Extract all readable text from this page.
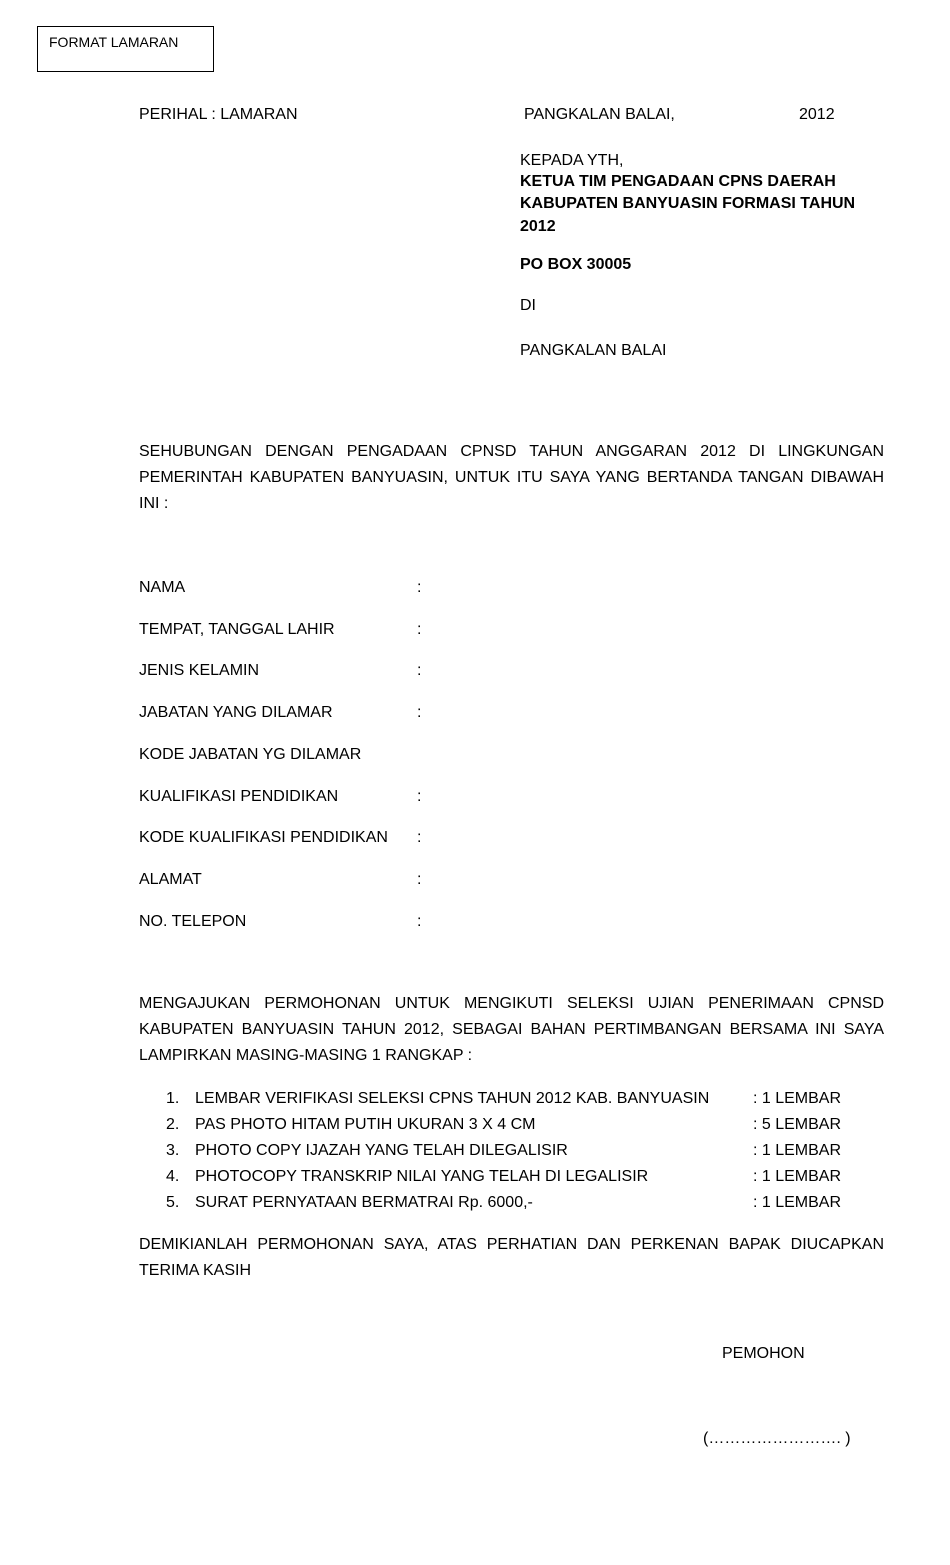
FORMAT LAMARAN
PERIHAL : LAMARAN	PANGKALAN BALAI,	2012
KEPADA YTH,
KETUA TIM PENGADAAN CPNS DAERAH
KABUPATEN BANYUASIN FORMASI TAHUN
2012
PO BOX 30005
DI
PANGKALAN BALAI
SEHUBUNGAN DENGAN PENGADAAN CPNSD TAHUN ANGGARAN 2012 DI LINGKUNGAN PEMERINTAH KABUPATEN BANYUASIN, UNTUK ITU SAYA YANG BERTANDA TANGAN DIBAWAH INI :
NAMA	:
TEMPAT, TANGGAL LAHIR	:
JENIS KELAMIN	:
JABATAN YANG DILAMAR	:
KODE JABATAN YG DILAMAR
KUALIFIKASI PENDIDIKAN	:
KODE KUALIFIKASI PENDIDIKAN :
ALAMAT	:
NO. TELEPON	:
MENGAJUKAN PERMOHONAN UNTUK MENGIKUTI SELEKSI UJIAN PENERIMAAN CPNSD KABUPATEN BANYUASIN TAHUN 2012, SEBAGAI BAHAN PERTIMBANGAN BERSAMA INI SAYA LAMPIRKAN MASING-MASING 1 RANGKAP :
1. LEMBAR VERIFIKASI SELEKSI CPNS TAHUN 2012 KAB. BANYUASIN	: 1 LEMBAR
2. PAS PHOTO HITAM PUTIH UKURAN 3 X 4 CM	: 5 LEMBAR
3. PHOTO COPY IJAZAH YANG TELAH DILEGALISIR	: 1 LEMBAR
4. PHOTOCOPY TRANSKRIP NILAI YANG TELAH DI LEGALISIR	: 1 LEMBAR
5. SURAT PERNYATAAN BERMATRAI Rp. 6000,-	: 1 LEMBAR
DEMIKIANLAH PERMOHONAN SAYA, ATAS PERHATIAN DAN PERKENAN BAPAK DIUCAPKAN TERIMA KASIH
PEMOHON
(……………………. )
